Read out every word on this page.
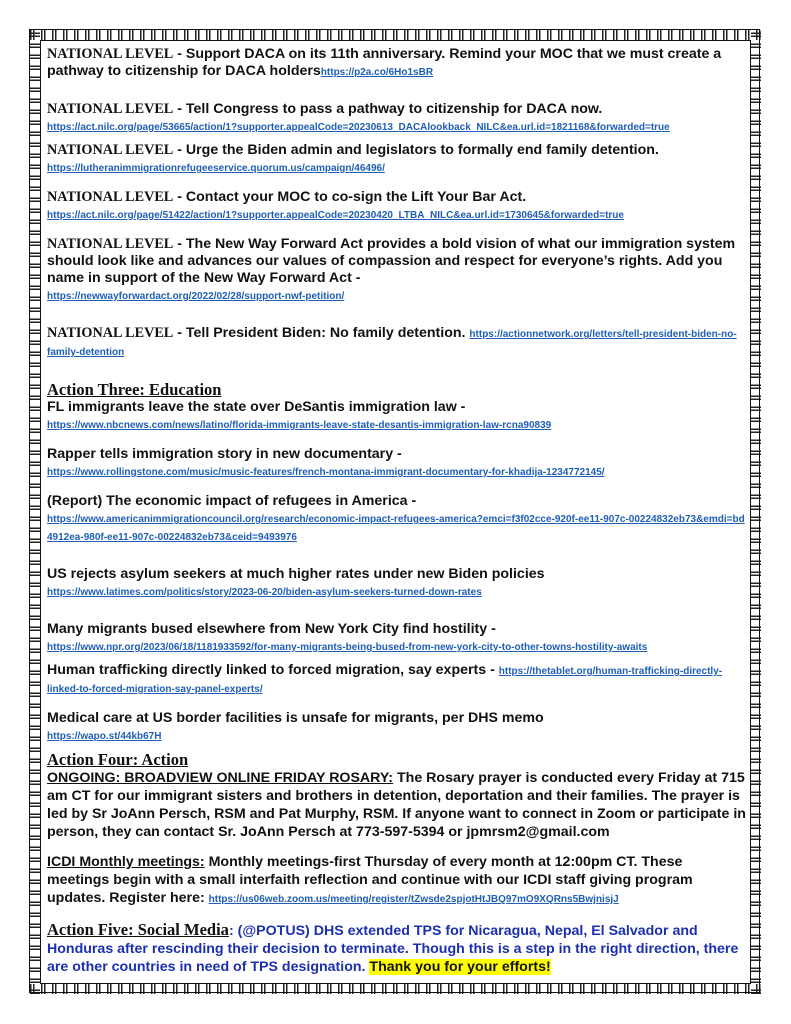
NATIONAL LEVEL - Support DACA on its 11th anniversary. Remind your MOC that we must create a pathway to citizenship for DACA holdershttps://p2a.co/6Ho1sBR
NATIONAL LEVEL - Tell Congress to pass a pathway to citizenship for DACA now.
https://act.nilc.org/page/53665/action/1?supporter.appealCode=20230613_DACAlookback_NILC&ea.url.id=1821168&forwarded=true
NATIONAL LEVEL - Urge the Biden admin and legislators to formally end family detention.
https://lutheranimmigrationrefugeeservice.quorum.us/campaign/46496/
NATIONAL LEVEL - Contact your MOC to co-sign the Lift Your Bar Act.
https://act.nilc.org/page/51422/action/1?supporter.appealCode=20230420_LTBA_NILC&ea.url.id=1730645&forwarded=true
NATIONAL LEVEL - The New Way Forward Act provides a bold vision of what our immigration system should look like and advances our values of compassion and respect for everyone’s rights. Add you name in support of the New Way Forward Act -
https://newwayforwardact.org/2022/02/28/support-nwf-petition/
NATIONAL LEVEL - Tell President Biden: No family detention. https://actionnetwork.org/letters/tell-president-biden-no-family-detention
Action Three: Education
FL immigrants leave the state over DeSantis immigration law -
https://www.nbcnews.com/news/latino/florida-immigrants-leave-state-desantis-immigration-law-rcna90839
Rapper tells immigration story in new documentary -
https://www.rollingstone.com/music/music-features/french-montana-immigrant-documentary-for-khadija-1234772145/
(Report) The economic impact of refugees in America -
https://www.americanimmigrationcouncil.org/research/economic-impact-refugees-america?emci=f3f02cce-920f-ee11-907c-00224832eb73&emdi=bd4912ea-980f-ee11-907c-00224832eb73&ceid=9493976
US rejects asylum seekers at much higher rates under new Biden policies
https://www.latimes.com/politics/story/2023-06-20/biden-asylum-seekers-turned-down-rates
Many migrants bused elsewhere from New York City find hostility -
https://www.npr.org/2023/06/18/1181933592/for-many-migrants-being-bused-from-new-york-city-to-other-towns-hostility-awaits
Human trafficking directly linked to forced migration, say experts - https://thetablet.org/human-trafficking-directly-linked-to-forced-migration-say-panel-experts/
Medical care at US border facilities is unsafe for migrants, per DHS memo
https://wapo.st/44kb67H
Action Four: Action
ONGOING: BROADVIEW ONLINE FRIDAY ROSARY: The Rosary prayer is conducted every Friday at 715 am CT for our immigrant sisters and brothers in detention, deportation and their families. The prayer is led by Sr JoAnn Persch, RSM and Pat Murphy, RSM. If anyone want to connect in Zoom or participate in person, they can contact Sr. JoAnn Persch at 773-597-5394 or jpmrsm2@gmail.com
ICDI Monthly meetings: Monthly meetings-first Thursday of every month at 12:00pm CT. These meetings begin with a small interfaith reflection and continue with our ICDI staff giving program updates. Register here: https://us06web.zoom.us/meeting/register/tZwsde2spjotHtJBQ97mO9XQRns5BwjnisjJ
Action Five: Social Media: (@POTUS) DHS extended TPS for Nicaragua, Nepal, El Salvador and Honduras after rescinding their decision to terminate. Though this is a step in the right direction, there are other countries in need of TPS designation. Thank you for your efforts!
